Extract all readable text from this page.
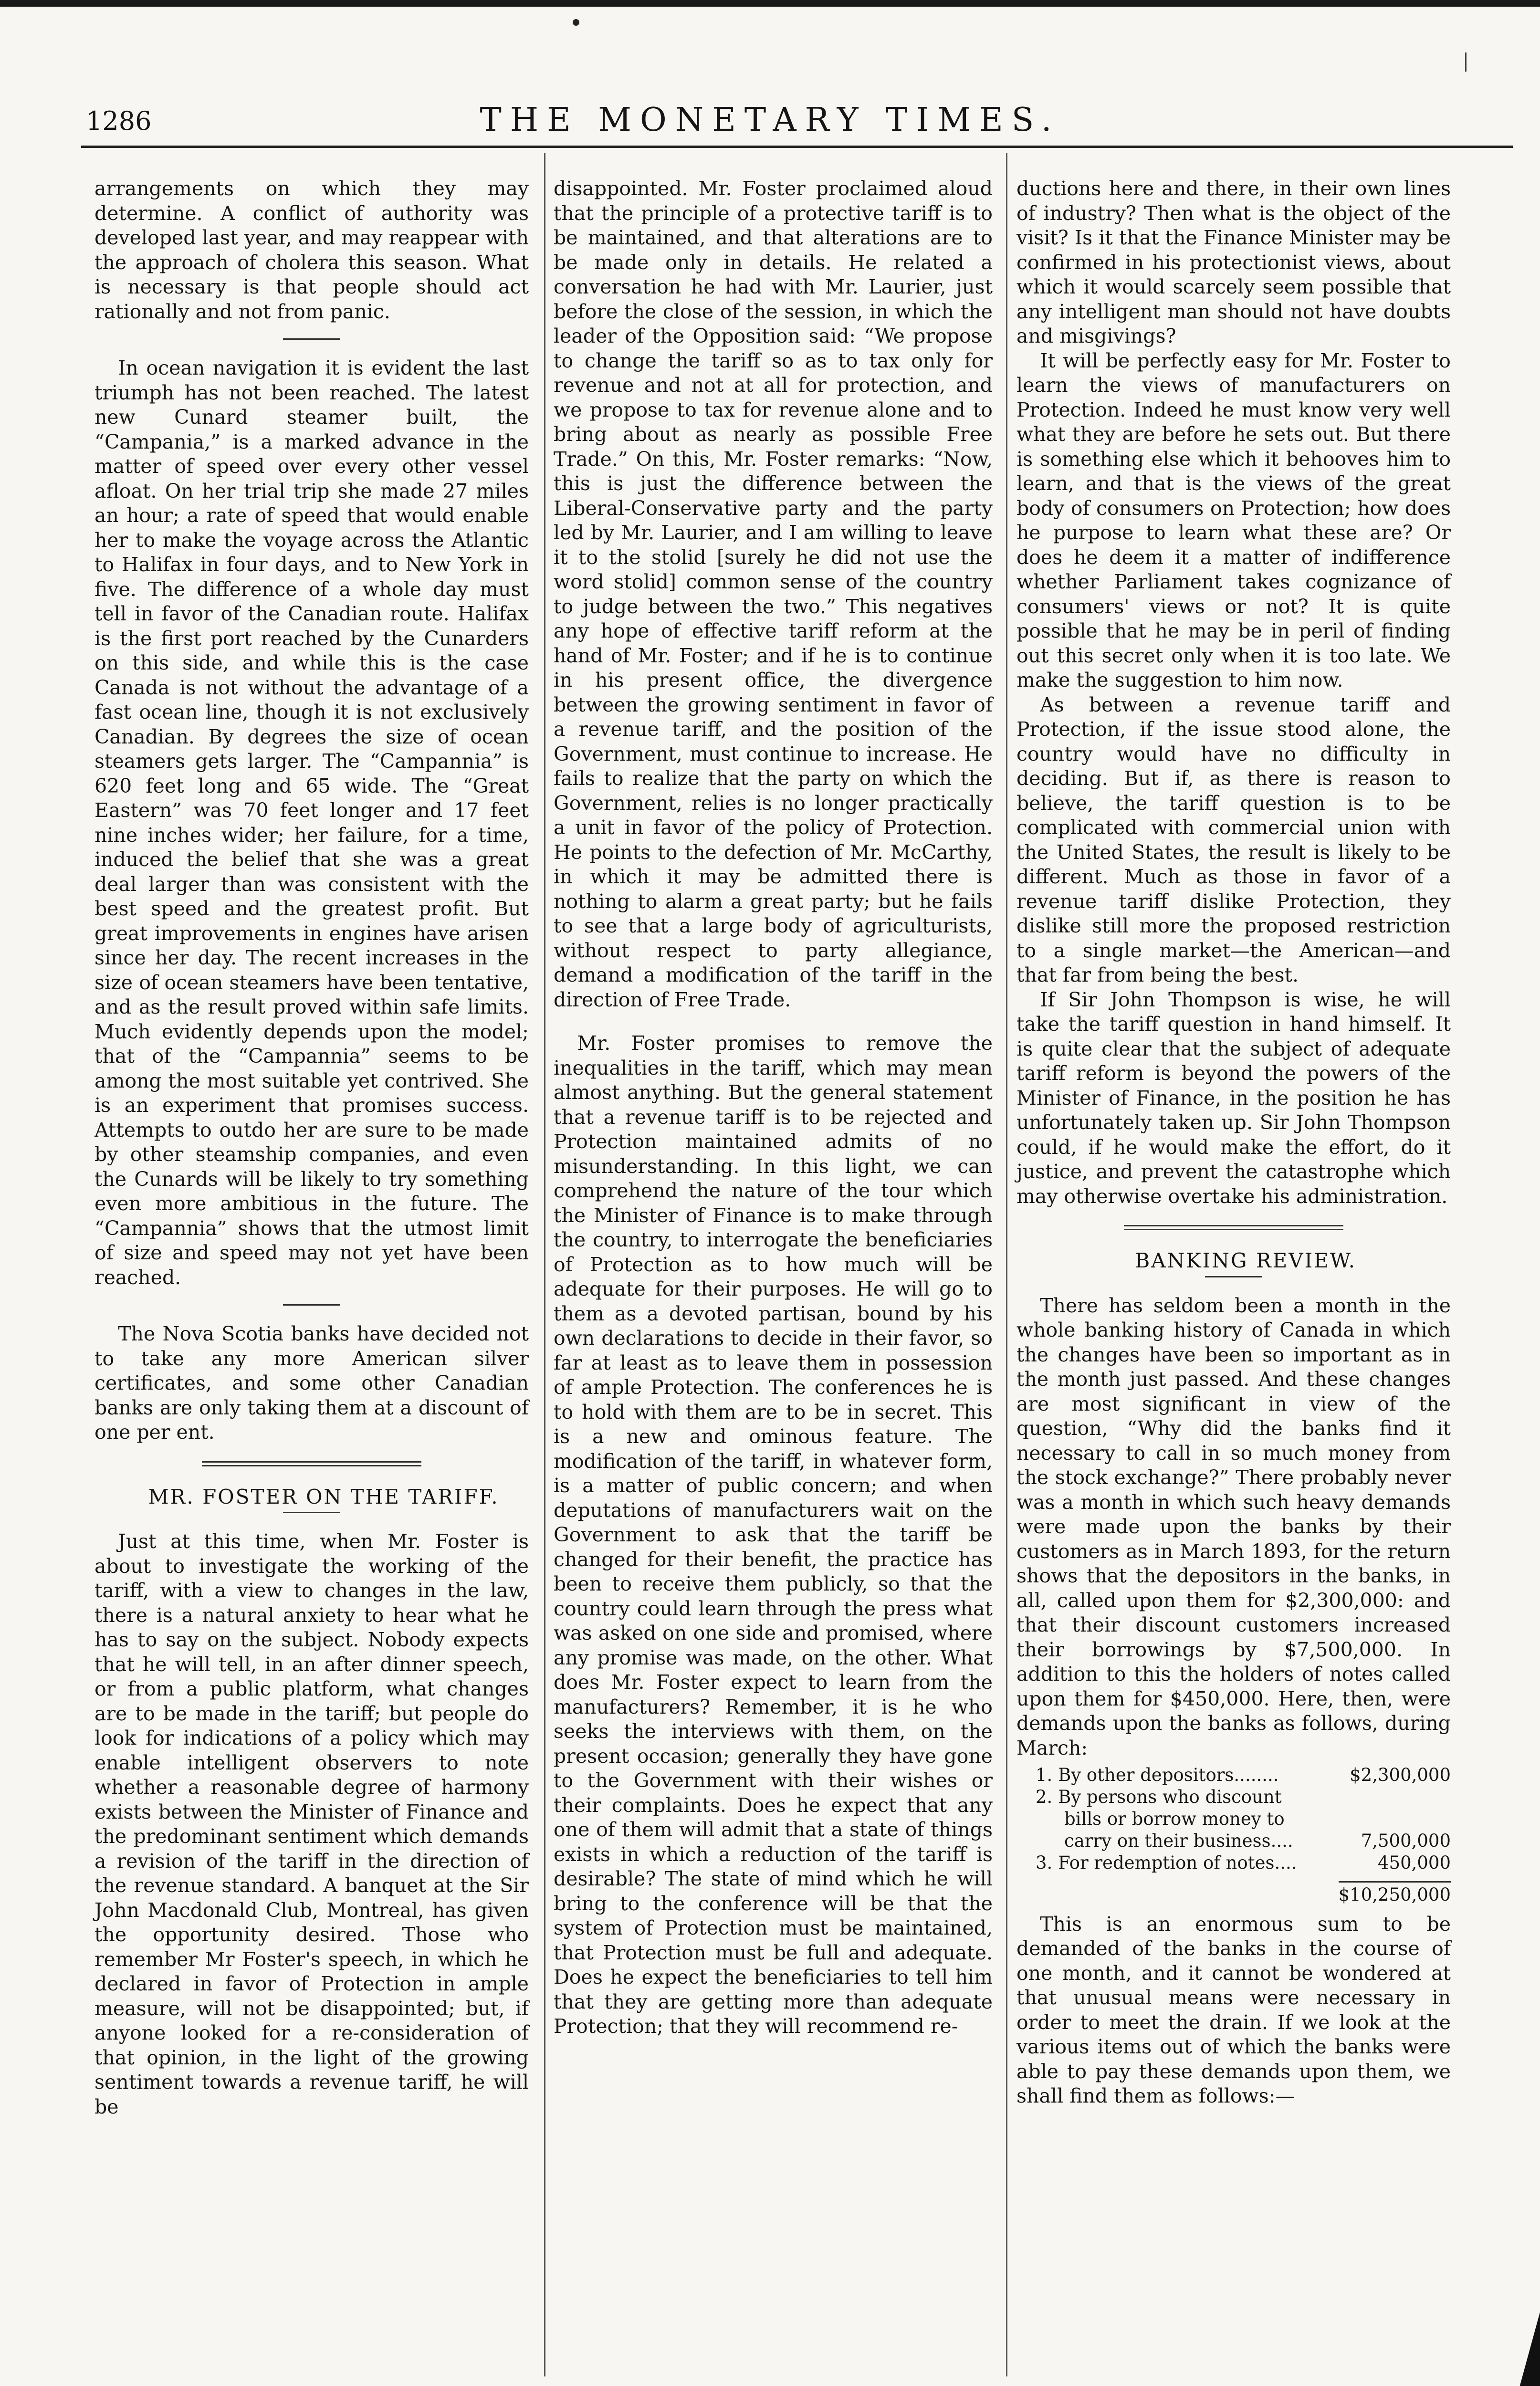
1286	THE MONETARY TIMES.

arrangements on which they may determine. A conflict of authority was developed last year, and may reappear with the approach of cholera this season. What is necessary is that people should act rationally and not from panic.

In ocean navigation it is evident the last triumph has not been reached. The latest new Cunard steamer built, the “Campania,” is a marked advance in the matter of speed over every other vessel afloat. On her trial trip she made 27 miles an hour; a rate of speed that would enable her to make the voyage across the Atlantic to Halifax in four days, and to New York in five. The difference of a whole day must tell in favor of the Canadian route. Halifax is the first port reached by the Cunarders on this side, and while this is the case Canada is not without the advantage of a fast ocean line, though it is not exclusively Canadian. By degrees the size of ocean steamers gets larger. The “Campannia” is 620 feet long and 65 wide. The “Great Eastern” was 70 feet longer and 17 feet nine inches wider; her failure, for a time, induced the belief that she was a great deal larger than was consistent with the best speed and the greatest profit. But great improvements in engines have arisen since her day. The recent increases in the size of ocean steamers have been tentative, and as the result proved within safe limits. Much evidently depends upon the model; that of the “Campannia” seems to be among the most suitable yet contrived. She is an experiment that promises success. Attempts to outdo her are sure to be made by other steamship companies, and even the Cunards will be likely to try something even more ambitious in the future. The “Campannia” shows that the utmost limit of size and speed may not yet have been reached.

The Nova Scotia banks have decided not to take any more American silver certificates, and some other Canadian banks are only taking them at a discount of one per ent.

MR. FOSTER ON THE TARIFF.

Just at this time, when Mr. Foster is about to investigate the working of the tariff, with a view to changes in the law, there is a natural anxiety to hear what he has to say on the subject. Nobody expects that he will tell, in an after dinner speech, or from a public platform, what changes are to be made in the tariff; but people do look for indications of a policy which may enable intelligent observers to note whether a reasonable degree of harmony exists between the Minister of Finance and the predominant sentiment which demands a revision of the tariff in the direction of the revenue standard. A banquet at the Sir John Macdonald Club, Montreal, has given the opportunity desired. Those who remember Mr Foster's speech, in which he declared in favor of Protection in ample measure, will not be disappointed; but, if anyone looked for a re-consideration of that opinion, in the light of the growing sentiment towards a revenue tariff, he will be

disappointed. Mr. Foster proclaimed aloud that the principle of a protective tariff is to be maintained, and that alterations are to be made only in details. He related a conversation he had with Mr. Laurier, just before the close of the session, in which the leader of the Opposition said: “We propose to change the tariff so as to tax only for revenue and not at all for protection, and we propose to tax for revenue alone and to bring about as nearly as possible Free Trade.” On this, Mr. Foster remarks: “Now, this is just the difference between the Liberal-Conservative party and the party led by Mr. Laurier, and I am willing to leave it to the stolid [surely he did not use the word stolid] common sense of the country to judge between the two.” This negatives any hope of effective tariff reform at the hand of Mr. Foster; and if he is to continue in his present office, the divergence between the growing sentiment in favor of a revenue tariff, and the position of the Government, must continue to increase. He fails to realize that the party on which the Government, relies is no longer practically a unit in favor of the policy of Protection. He points to the defection of Mr. McCarthy, in which it may be admitted there is nothing to alarm a great party; but he fails to see that a large body of agriculturists, without respect to party allegiance, demand a modification of the tariff in the direction of Free Trade.

Mr. Foster promises to remove the inequalities in the tariff, which may mean almost anything. But the general statement that a revenue tariff is to be rejected and Protection maintained admits of no misunderstanding. In this light, we can comprehend the nature of the tour which the Minister of Finance is to make through the country, to interrogate the beneficiaries of Protection as to how much will be adequate for their purposes. He will go to them as a devoted partisan, bound by his own declarations to decide in their favor, so far at least as to leave them in possession of ample Protection. The conferences he is to hold with them are to be in secret. This is a new and ominous feature. The modification of the tariff, in whatever form, is a matter of public concern; and when deputations of manufacturers wait on the Government to ask that the tariff be changed for their benefit, the practice has been to receive them publicly, so that the country could learn through the press what was asked on one side and promised, where any promise was made, on the other. What does Mr. Foster expect to learn from the manufacturers? Remember, it is he who seeks the interviews with them, on the present occasion; generally they have gone to the Government with their wishes or their complaints. Does he expect that any one of them will admit that a state of things exists in which a reduction of the tariff is desirable? The state of mind which he will bring to the conference will be that the system of Protection must be maintained, that Protection must be full and adequate. Does he expect the beneficiaries to tell him that they are getting more than adequate Protection; that they will recommend re-

ductions here and there, in their own lines of industry? Then what is the object of the visit? Is it that the Finance Minister may be confirmed in his protectionist views, about which it would scarcely seem possible that any intelligent man should not have doubts and misgivings?

It will be perfectly easy for Mr. Foster to learn the views of manufacturers on Protection. Indeed he must know very well what they are before he sets out. But there is something else which it behooves him to learn, and that is the views of the great body of consumers on Protection; how does he purpose to learn what these are? Or does he deem it a matter of indifference whether Parliament takes cognizance of consumers' views or not? It is quite possible that he may be in peril of finding out this secret only when it is too late. We make the suggestion to him now.

As between a revenue tariff and Protection, if the issue stood alone, the country would have no difficulty in deciding. But if, as there is reason to believe, the tariff question is to be complicated with commercial union with the United States, the result is likely to be different. Much as those in favor of a revenue tariff dislike Protection, they dislike still more the proposed restriction to a single market—the American—and that far from being the best.

If Sir John Thompson is wise, he will take the tariff question in hand himself. It is quite clear that the subject of adequate tariff reform is beyond the powers of the Minister of Finance, in the position he has unfortunately taken up. Sir John Thompson could, if he would make the effort, do it justice, and prevent the catastrophe which may otherwise overtake his administration.

BANKING REVIEW.

There has seldom been a month in the whole banking history of Canada in which the changes have been so important as in the month just passed. And these changes are most significant in view of the question, “Why did the banks find it necessary to call in so much money from the stock exchange?” There probably never was a month in which such heavy demands were made upon the banks by their customers as in March 1893, for the return shows that the depositors in the banks, in all, called upon them for $2,300,000: and that their discount customers increased their borrowings by $7,500,000. In addition to this the holders of notes called upon them for $450,000. Here, then, were demands upon the banks as follows, during March:

1. By other depositors........	$2,300,000
2. By persons who discount
bills or borrow money to
carry on their business....	7,500,000
3. For redemption of notes....	450,000
$10,250,000

This is an enormous sum to be demanded of the banks in the course of one month, and it cannot be wondered at that unusual means were necessary in order to meet the drain. If we look at the various items out of which the banks were able to pay these demands upon them, we shall find them as follows:—
